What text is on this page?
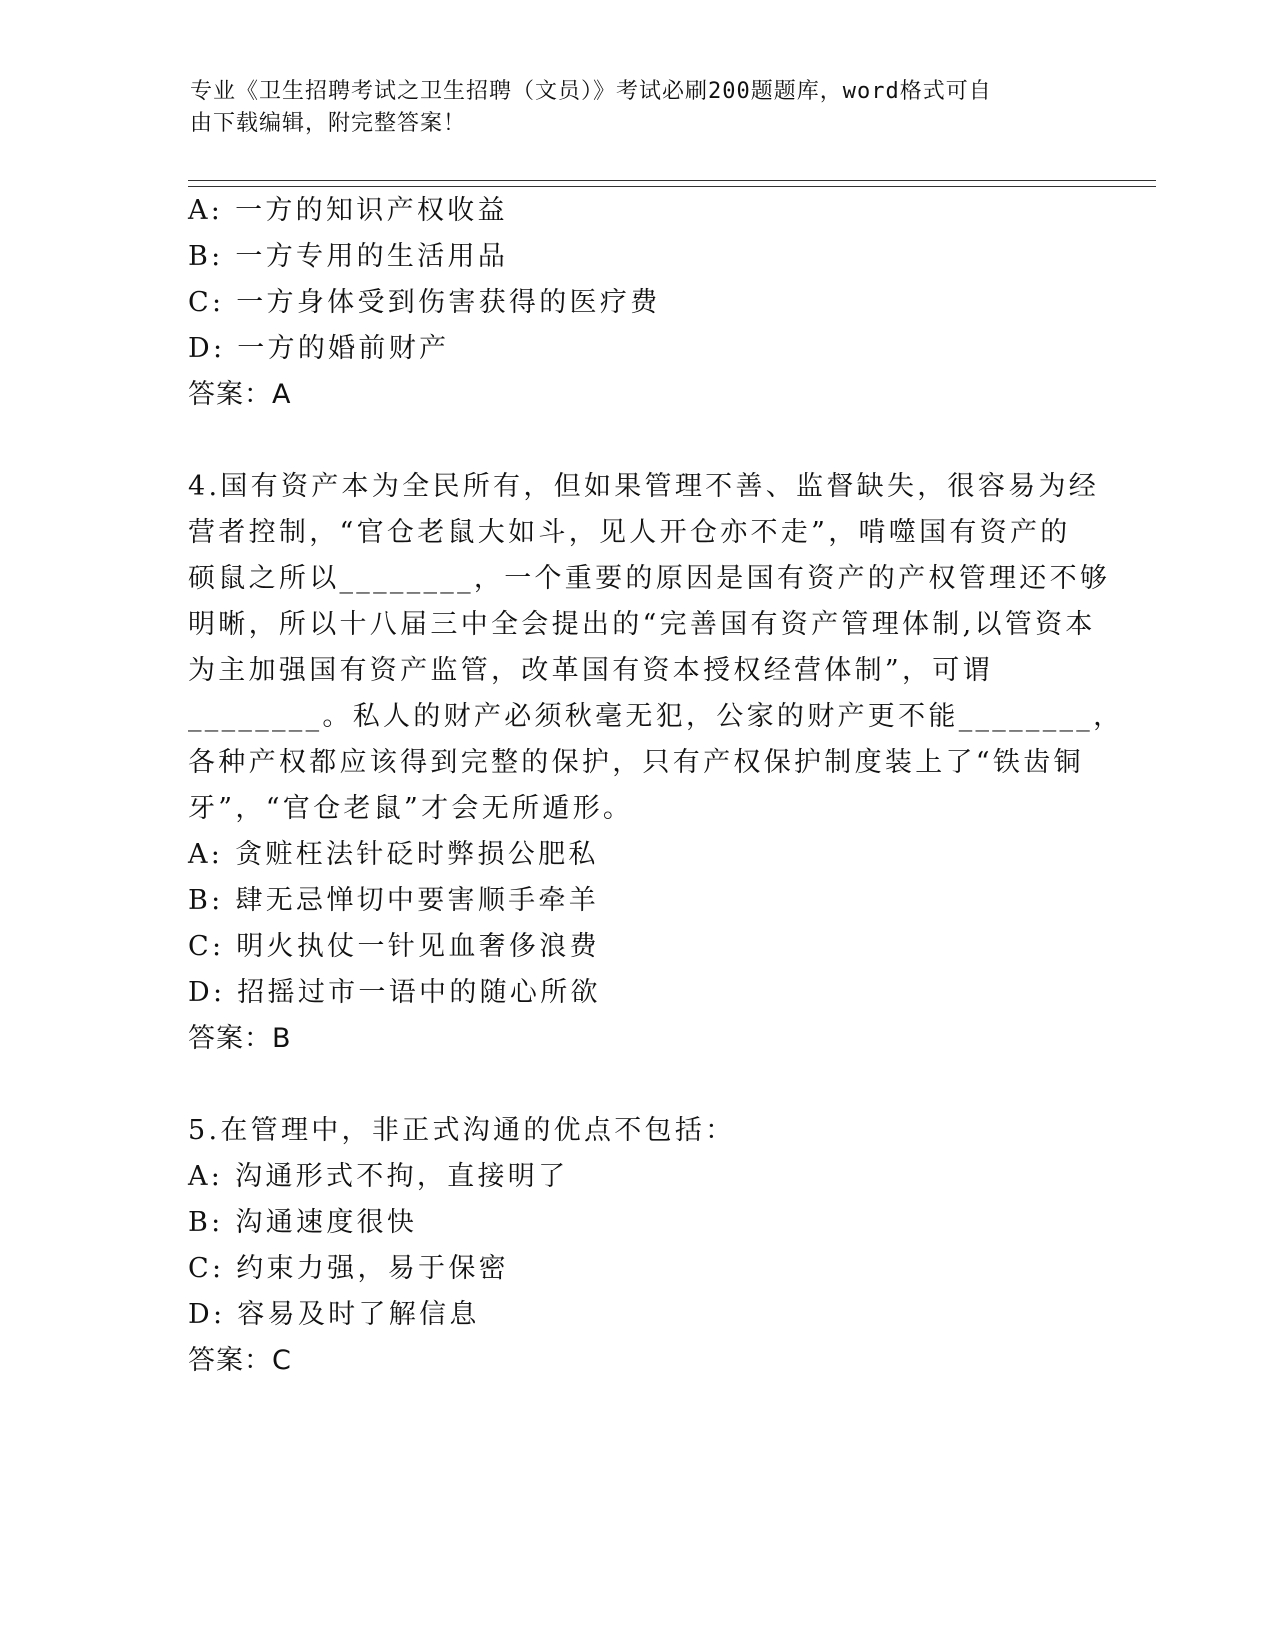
专业《卫生招聘考试之卫生招聘（文员）》考试必刷200题题库，word格式可自
由下载编辑，附完整答案！
A: 一方的知识产权收益
B: 一方专用的生活用品
C: 一方身体受到伤害获得的医疗费
D: 一方的婚前财产
答案：A
4.国有资产本为全民所有，但如果管理不善、监督缺失，很容易为经
营者控制，“官仓老鼠大如斗，见人开仓亦不走”，啃噬国有资产的
硕鼠之所以________，一个重要的原因是国有资产的产权管理还不够
明晰，所以十八届三中全会提出的“完善国有资产管理体制,以管资本
为主加强国有资产监管，改革国有资本授权经营体制”，可谓
________。私人的财产必须秋毫无犯，公家的财产更不能________，
各种产权都应该得到完整的保护，只有产权保护制度装上了“铁齿铜
牙”，“官仓老鼠”才会无所遁形。
A: 贪赃枉法针砭时弊损公肥私
B: 肆无忌惮切中要害顺手牵羊
C: 明火执仗一针见血奢侈浪费
D: 招摇过市一语中的随心所欲
答案：B
5.在管理中，非正式沟通的优点不包括：
A: 沟通形式不拘，直接明了
B: 沟通速度很快
C: 约束力强，易于保密
D: 容易及时了解信息
答案：C
